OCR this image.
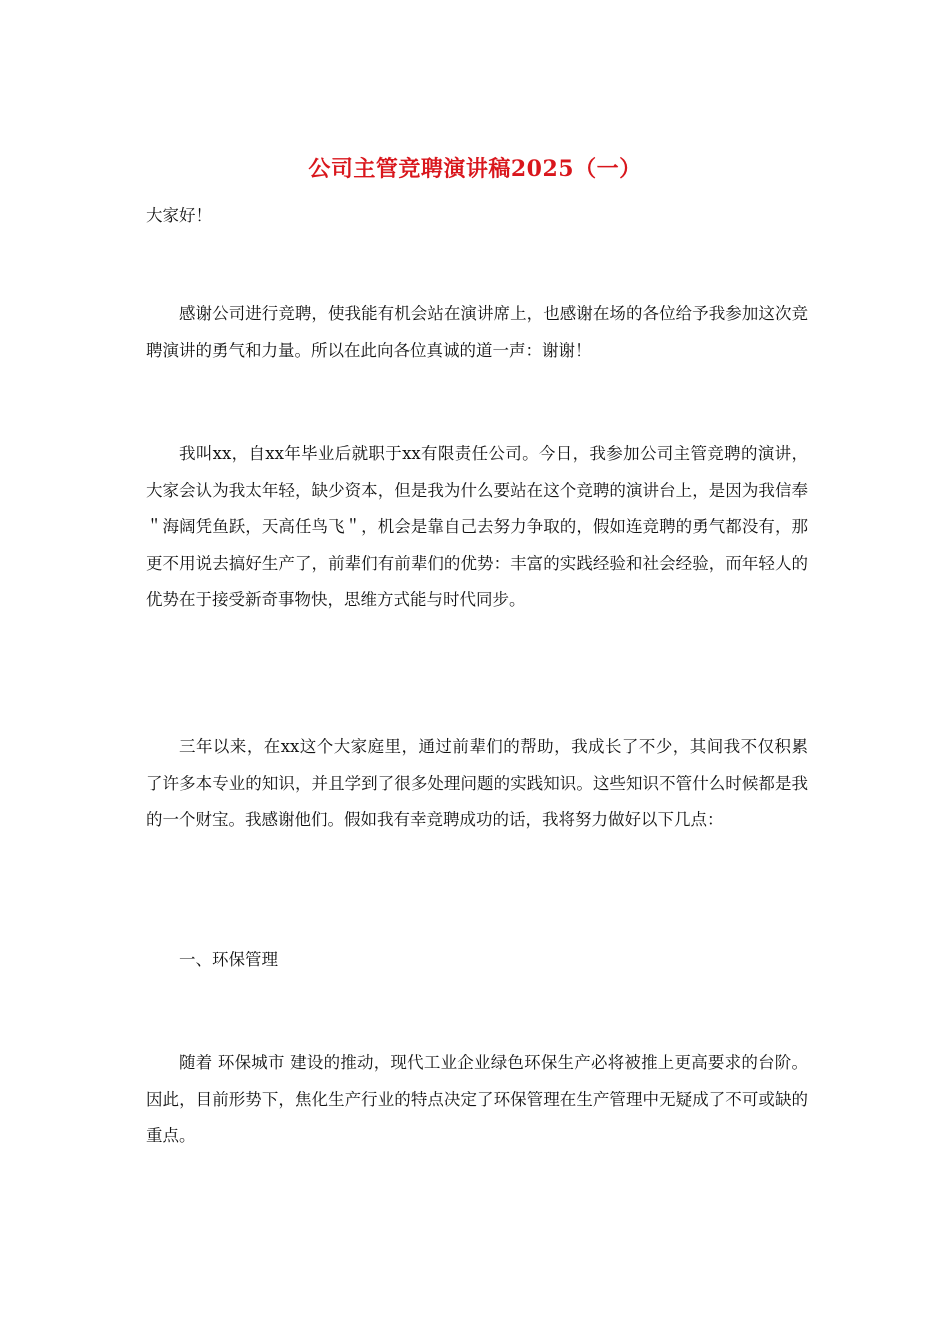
公司主管竞聘演讲稿2025（一）
大家好！

感谢公司进行竞聘，使我能有机会站在演讲席上，也感谢在场的各位给予我参加这次竞聘演讲的勇气和力量。所以在此向各位真诚的道一声：谢谢！

我叫xx，自xx年毕业后就职于xx有限责任公司。今日，我参加公司主管竞聘的演讲，大家会认为我太年轻，缺少资本，但是我为什么要站在这个竞聘的演讲台上，是因为我信奉＂海阔凭鱼跃，天高任鸟飞＂，机会是靠自己去努力争取的，假如连竞聘的勇气都没有，那更不用说去搞好生产了，前辈们有前辈们的优势：丰富的实践经验和社会经验，而年轻人的优势在于接受新奇事物快，思维方式能与时代同步。

三年以来，在xx这个大家庭里，通过前辈们的帮助，我成长了不少，其间我不仅积累了许多本专业的知识，并且学到了很多处理问题的实践知识。这些知识不管什么时候都是我的一个财宝。我感谢他们。假如我有幸竞聘成功的话，我将努力做好以下几点：

一、环保管理

随着 环保城市 建设的推动，现代工业企业绿色环保生产必将被推上更高要求的台阶。因此，目前形势下，焦化生产行业的特点决定了环保管理在生产管理中无疑成了不可或缺的重点。
